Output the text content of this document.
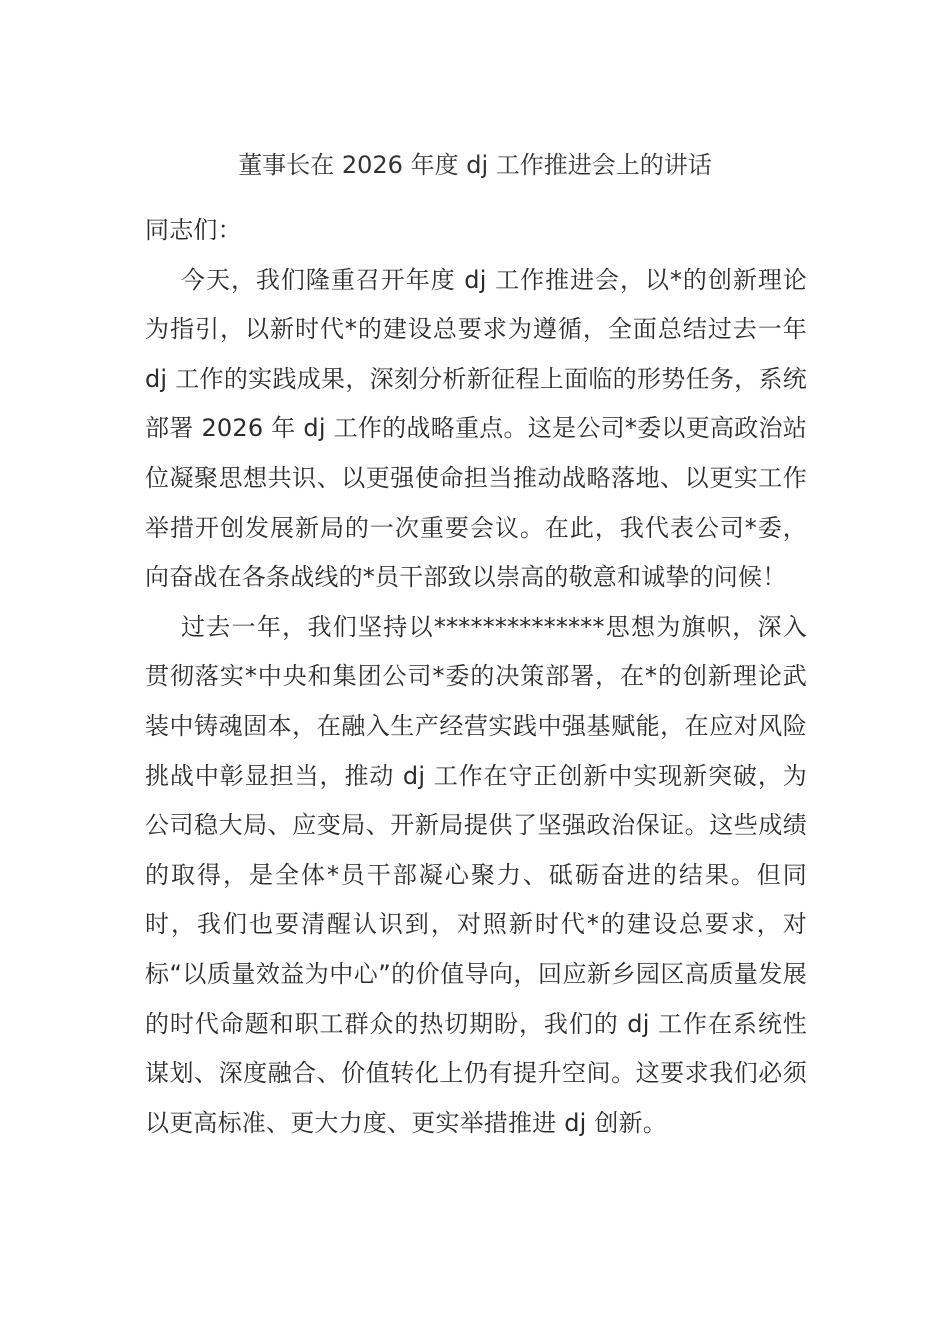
董事长在 2026 年度 dj 工作推进会上的讲话

同志们：

今天，我们隆重召开年度 dj 工作推进会，以*的创新理论为指引，以新时代*的建设总要求为遵循，全面总结过去一年 dj 工作的实践成果，深刻分析新征程上面临的形势任务，系统部署 2026 年 dj 工作的战略重点。这是公司*委以更高政治站位凝聚思想共识、以更强使命担当推动战略落地、以更实工作举措开创发展新局的一次重要会议。在此，我代表公司*委，向奋战在各条战线的*员干部致以崇高的敬意和诚挚的问候！

过去一年，我们坚持以**************思想为旗帜，深入贯彻落实*中央和集团公司*委的决策部署，在*的创新理论武装中铸魂固本，在融入生产经营实践中强基赋能，在应对风险挑战中彰显担当，推动 dj 工作在守正创新中实现新突破，为公司稳大局、应变局、开新局提供了坚强政治保证。这些成绩的取得，是全体*员干部凝心聚力、砥砺奋进的结果。但同时，我们也要清醒认识到，对照新时代*的建设总要求，对标“以质量效益为中心”的价值导向，回应新乡园区高质量发展的时代命题和职工群众的热切期盼，我们的 dj 工作在系统性谋划、深度融合、价值转化上仍有提升空间。这要求我们必须以更高标准、更大力度、更实举措推进 dj 创新。
